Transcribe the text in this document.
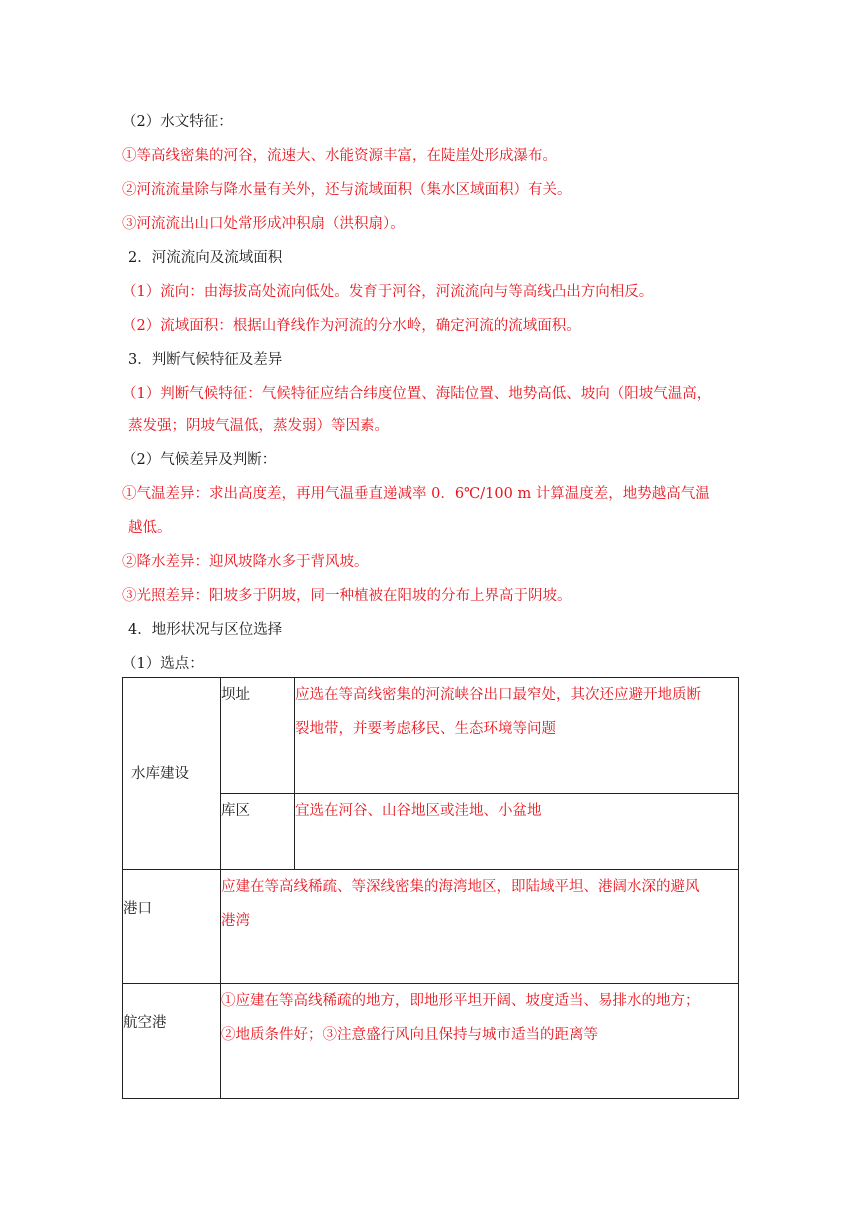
（2）水文特征：
①等高线密集的河谷，流速大、水能资源丰富，在陡崖处形成瀑布。
②河流流量除与降水量有关外，还与流域面积（集水区域面积）有关。
③河流流出山口处常形成冲积扇（洪积扇）。
2．河流流向及流域面积
（1）流向：由海拔高处流向低处。发育于河谷，河流流向与等高线凸出方向相反。
（2）流域面积：根据山脊线作为河流的分水岭，确定河流的流域面积。
3．判断气候特征及差异
（1）判断气候特征：气候特征应结合纬度位置、海陆位置、地势高低、坡向（阳坡气温高，
蒸发强；阴坡气温低，蒸发弱）等因素。
（2）气候差异及判断：
①气温差异：求出高度差，再用气温垂直递减率 0．6℃/100 m 计算温度差，地势越高气温
越低。
②降水差异：迎风坡降水多于背风坡。
③光照差异：阳坡多于阴坡，同一种植被在阳坡的分布上界高于阴坡。
4．地形状况与区位选择
（1）选点：
水库建设	坝址	应选在等高线密集的河流峡谷出口最窄处，其次还应避开地质断
裂地带，并要考虑移民、生态环境等问题

	库区	宜选在河谷、山谷地区或洼地、小盆地
港口	应建在等高线稀疏、等深线密集的海湾地区，即陆域平坦、港阔水深的避风
港湾	

航空港	①应建在等高线稀疏的地方，即地形平坦开阔、坡度适当、易排水的地方；
②地质条件好；③注意盛行风向且保持与城市适当的距离等	
